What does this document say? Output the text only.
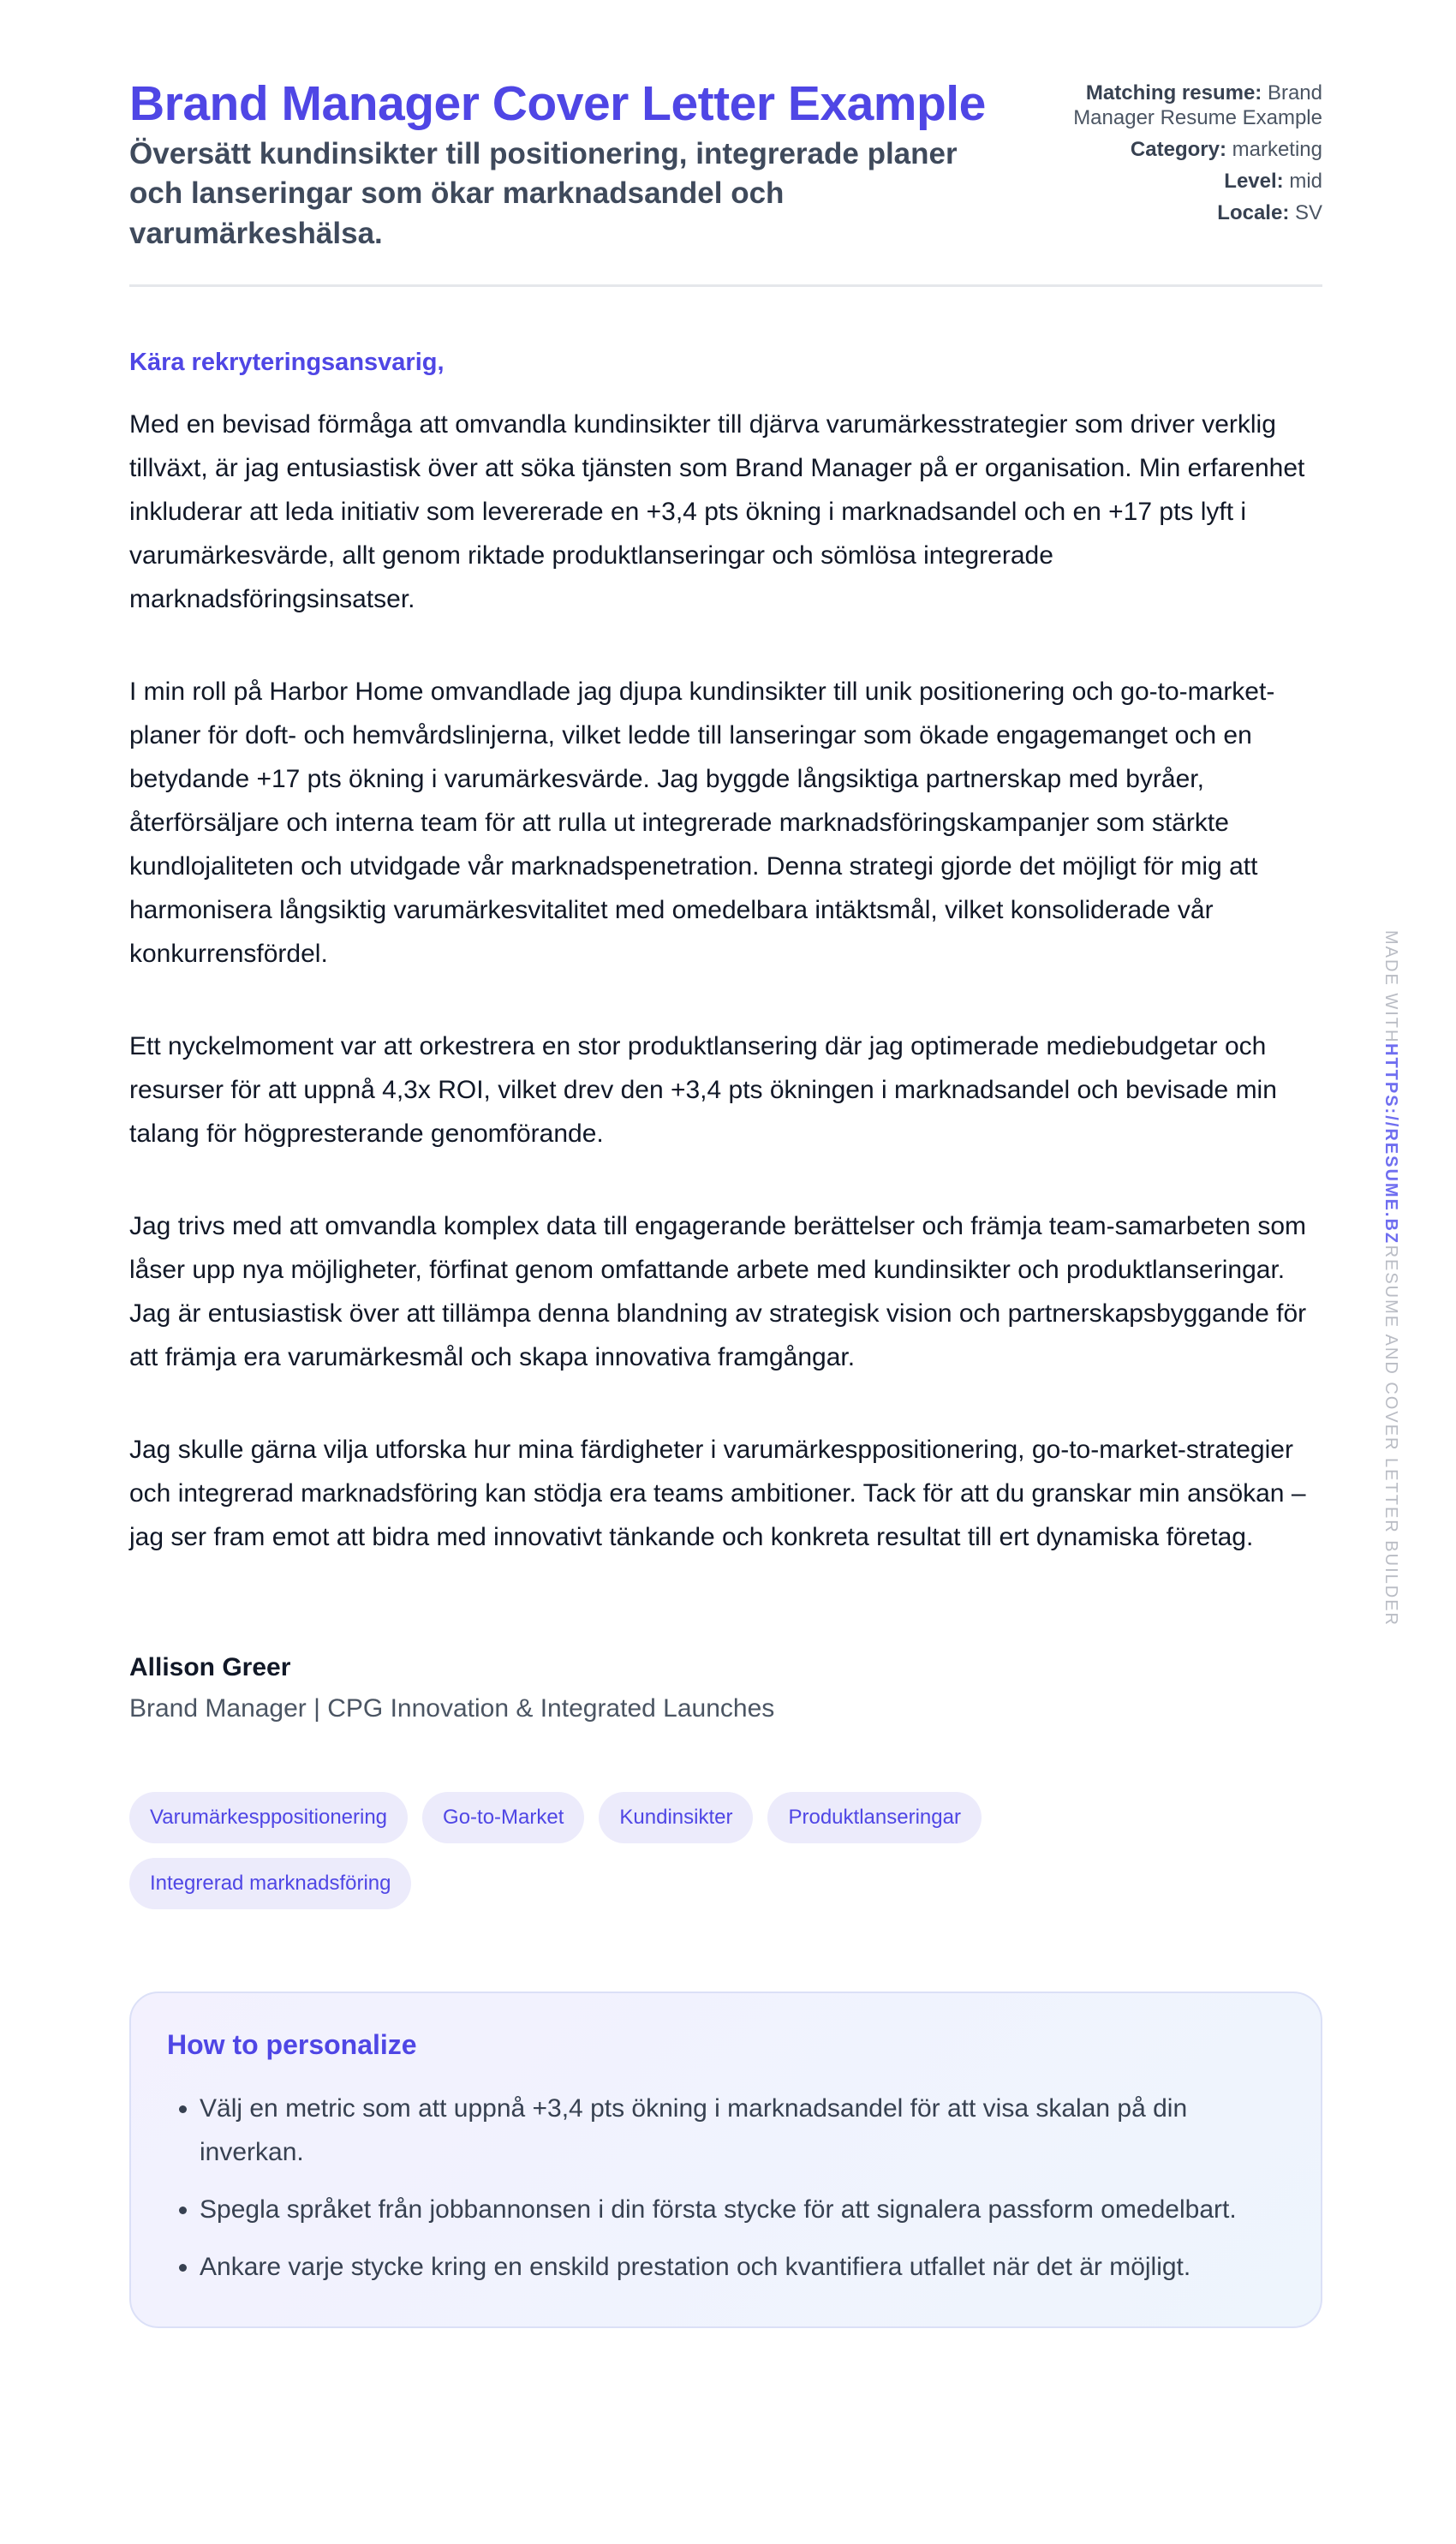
Brand Manager Cover Letter Example

Översätt kundinsikter till positionering, integrerade planer och lanseringar som ökar marknadsandel och varumärkeshälsa.

Matching resume: Brand Manager Resume Example
Category: marketing
Level: mid
Locale: SV
Kära rekryteringsansvarig,

Med en bevisad förmåga att omvandla kundinsikter till djärva varumärkesstrategier som driver verklig tillväxt, är jag entusiastisk över att söka tjänsten som Brand Manager på er organisation. Min erfarenhet inkluderar att leda initiativ som levererade en +3,4 pts ökning i marknadsandel och en +17 pts lyft i varumärkesvärde, allt genom riktade produktlanseringar och sömlösa integrerade marknadsföringsinsatser.

I min roll på Harbor Home omvandlade jag djupa kundinsikter till unik positionering och go-to-market-planer för doft- och hemvårdslinjerna, vilket ledde till lanseringar som ökade engagemanget och en betydande +17 pts ökning i varumärkesvärde. Jag byggde långsiktiga partnerskap med byråer, återförsäljare och interna team för att rulla ut integrerade marknadsföringskampanjer som stärkte kundlojaliteten och utvidgade vår marknadspenetration. Denna strategi gjorde det möjligt för mig att harmonisera långsiktig varumärkesvitalitet med omedelbara intäktsmål, vilket konsoliderade vår konkurrensfördel.

Ett nyckelmoment var att orkestrera en stor produktlansering där jag optimerade mediebudgetar och resurser för att uppnå 4,3x ROI, vilket drev den +3,4 pts ökningen i marknadsandel och bevisade min talang för högpresterande genomförande.

Jag trivs med att omvandla komplex data till engagerande berättelser och främja team-samarbeten som låser upp nya möjligheter, förfinat genom omfattande arbete med kundinsikter och produktlanseringar. Jag är entusiastisk över att tillämpa denna blandning av strategisk vision och partnerskapsbyggande för att främja era varumärkesmål och skapa innovativa framgångar.

Jag skulle gärna vilja utforska hur mina färdigheter i varumärkesppositionering, go-to-market-strategier och integrerad marknadsföring kan stödja era teams ambitioner. Tack för att du granskar min ansökan – jag ser fram emot att bidra med innovativt tänkande och konkreta resultat till ert dynamiska företag.

Allison Greer
Brand Manager | CPG Innovation & Integrated Launches
Varumärkesppositionering	Go-to-Market	Kundinsikter	Produktlanseringar
Integrerad marknadsföring
How to personalize
• Välj en metric som att uppnå +3,4 pts ökning i marknadsandel för att visa skalan på din inverkan.
• Spegla språket från jobbannonsen i din första stycke för att signalera passform omedelbart.
• Ankare varje stycke kring en enskild prestation och kvantifiera utfallet när det är möjligt.
MADE WITHHTTPS://RESUME.BZRESUME AND COVER LETTER BUILDER
